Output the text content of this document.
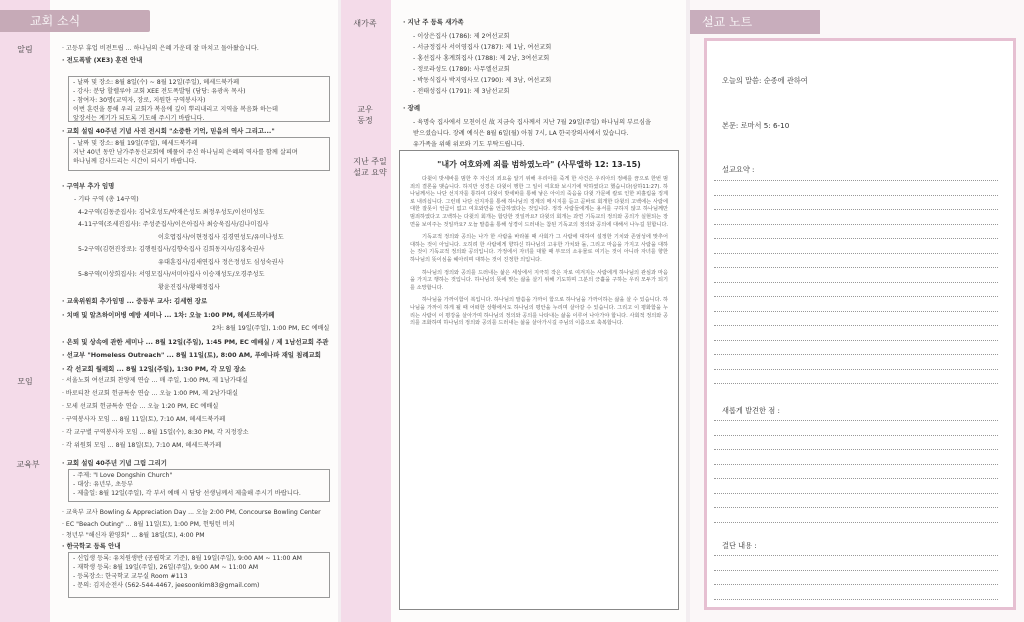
교회 소식
알림	· 고등부 휴업 비전트립 ... 하나님의 은혜 가운데 잘 마치고 돌아왔습니다.
· 전도폭발 (XE3) 훈련 안내
- 날짜 및 장소: 8월 8일(수) ~ 8월 12일(주일), 헤세드북카페
- 강사: 분당 할렐루야 교회 XEE 전도폭발팀 (담당: 유광옥 목사)
- 참여자: 30명(교역자, 장로, 지원한 구역봉사자)
이번 훈련을 통해 우리 교회가 복음에 깊이 뿌리내리고 지역을 복음화 하는데
앞장서는 계기가 되도록 기도해 주시기 바랍니다.
· 교회 설립 40주년 기념 사진 전시회 "소중한 기억, 믿음의 역사 그리고..."
- 날짜 및 장소: 8월 19일(주일), 헤세드북카페
지난 40년 동안 남가주동신교회에 베풀어 주신 하나님의 은혜의 역사를 함께 살피며
하나님께 감사드리는 시간이 되시기 바랍니다.
· 구역부 추가 임명
- 기타 구역 (총 14구역)
4-2구역(김동준집사): 김낙호성도/박재은성도 최정우성도/이선미성도
4-11구역(조세진집사): 주성준집사/이은아집사 최승욱집사/김나미집사
이호엽집사/이현정집사 김경연성도/유미나성도
5-2구역(김현진장로): 김행원집사/김향숙집사 김희동지사/김홍숙권사
유대훈집사/김새연집사 정은정성도 심성숙권사
5-8구역(이상희집사): 서영모집사/서미아집사 이승재성도/오경주성도
황윤진집사/황혜정집사
· 교육위원회 추가임명 ... 중등부 교사: 김세현 장로
· 치매 및 알츠하이머병 예방 세미나 ... 1차: 오늘 1:00 PM, 헤세드북카페
2차: 8월 19일(주일), 1:00 PM, EC 예배실
· 은퇴 및 상속에 관한 세미나 ... 8월 12일(주일), 1:45 PM, EC 예배실 / 제 1남선교회 주관
· 선교부 "Homeless Outreach" ... 8월 11일(토), 8:00 AM, 푸에나파 재일 침례교회
· 각 선교회 월례회 ... 8월 12일(주일), 1:30 PM, 각 모임 장소
모임	· 서울노회 여선교회 찬양제 연습 ... 매 주일, 1:00 PM, 제 1남가대실
· 바로티찬 선교회 헌금특송 연습 ... 오늘 1:00 PM, 제 2남가대실
· 모세 선교회 헌금특송 연습 ... 오늘 1:20 PM, EC 예배실
· 구역봉사자 모임 ... 8월 11일(토), 7:10 AM, 헤세드북카페
· 각 교구별 구역봉사자 모임 ... 8월 15일(수), 8:30 PM, 각 지정장소
· 각 위원회 모임 ... 8월 18일(토), 7:10 AM, 헤세드북카페
교육부	· 교회 설립 40주년 기념 그림 그리기
- 주제: "I Love Dongshin Church"
- 대상: 유년부, 초등부
- 제출일: 8월 12일(주일), 각 부서 예배 시 담당 선생님께서 제출해 주시기 바랍니다.
· 교육부 교사 Bowling & Appreciation Day ... 오늘 2:00 PM, Concourse Bowling Center
· EC "Beach Outing" ... 8월 11일(토), 1:00 PM, 헌팅턴 비치
· 청년부 "해신자 환영회" ... 8월 18일(토), 4:00 PM
· 한국학교 등록 안내
- 신입생 등록: 유치원생반 (공립학교 기준), 8월 19일(주일), 9:00 AM ~ 11:00 AM
- 재학생 등록: 8월 19일(주일), 26일(주일), 9:00 AM ~ 11:00 AM
- 등록장소: 한국학교 교무실 Room #113
- 문의: 김지순전사 (562-544-4467, jeesoonkim83@gmail.com)
새가족	· 지난 주 등록 새가족
- 이상은집사 (1786): 제 2여선교회
- 서금정집사 서이영집사 (1787): 제 1남, 여선교회
- 홍선집사 홍계희집사 (1788): 제 2남, 3여선교회
- 정로라성도 (1789): 사무엘선교회
- 박동식집사 박지영사모 (1790): 제 3남, 여선교회
- 전태성집사 (1791): 제 3남선교회
교우
동정
· 장례
- 육명숙 집사에서 모친이신 故 지금숙 집사께서 지난 7월 29일(주일) 하나님의 부르심을
받으셨습니다. 장례 예식은 8월 6일(월) 아침 7시, LA 한국장의사에서 있습니다.
유가족을 위해 위로와 기도 부탁드립니다.
지난 주일
설교 요약
"내가 여호와께 죄를 범하였노라" (사무엘하 12: 13-15)

다윗이 밧세바를 범한 후 자신의 죄요을 알기 위해 우리아를 죽게 한 사건은 우리아의 정배를 끔으로 한번 범죄의 결론을 맺습니다. 하지만 성경은 다윗이 행한 그 일이 여호와 보시기에 악하였다고 했습니다(삼하11:27). 하나님께서는 나단 선지자를 통하여 다윗이 밧세바를 통해 낳은 아이의 죽음을 다윗 가문에 칼로 인한 피흘림을 징계로 내리십니다. 그런데 나단 선지자를 통해 하나님의 징계의 메시지를 듣고 곧바로 회개한 다윗의 고백에는 사람에 대한 잘못이 언급이 없고 여호와만을 언급하였다는 것입니다. 정작 사람들에게는 용서를 구하지 않고 하나님께만 범죄하였다고 고백하는 다윗의 회개는 합당한 것일까요? 다윗의 회개는 과연 기독교의 정의와 공의가 실현되는 장면을 보여주는 것일까요? 오늘 말씀을 통해 성경이 드러내는 참된 기독교의 정의와 공의에 대해서 나누길 원합니다.

기독교적 정의와 공의는 나가 한 사람을 바라볼 때 사회가 그 사람에 대하여 설정한 기치와 존엄성에 맞추어 대하는 것이 아닙니다. 오히려 한 사람에게 향하신 하나님의 고유한 가치와 돌, 그리고 마음을 가지고 사람을 대하는 것이 기독교적 정의와 공의입니다. 가정에서 자녀를 대할 때 부모의 소유물로 여기는 것이 아니라 자녀를 향한 하나님의 뜻이심을 헤아리며 대하는 것이 진정한 의입니다.

하나님의 정의와 공의를 드러내는 삶은 세상에서 지극히 작은 자로 여겨지는 사람에게 하나님의 관심과 마음을 가지고 행하는 것입니다. 하나님의 뜻에 맞는 삶을 살기 위해 기도하며 그분의 긍휼을 구하는 우리 모두가 되기를 소망합니다.

하나님을 가까이함이 복입니다. 하나님의 말씀을 가까이 함으로 하나님을 가까이하는 삶을 살 수 있습니다. 하나님을 가까이 하게 될 때 어떠한 상황에서도 하나님의 평안을 누리며 살아갈 수 있습니다. 그리고 이 평화함을 누리는 사람이 이 평강을 살아가며 하나님의 정의와 공의를 나타내는 삶을 이루어 나아가야 합니다. 사회적 정의와 공의를 조화하며 하나님의 정의와 공의를 드러내는 삶을 살아가시길 주님의 이름으로 축복합니다.

설교 노트
오늘의 말씀: 순종에 관하여
본문: 로마서 5: 6-10
설교요약 :
새롭게 발견한 점 :
결단 내용 :
